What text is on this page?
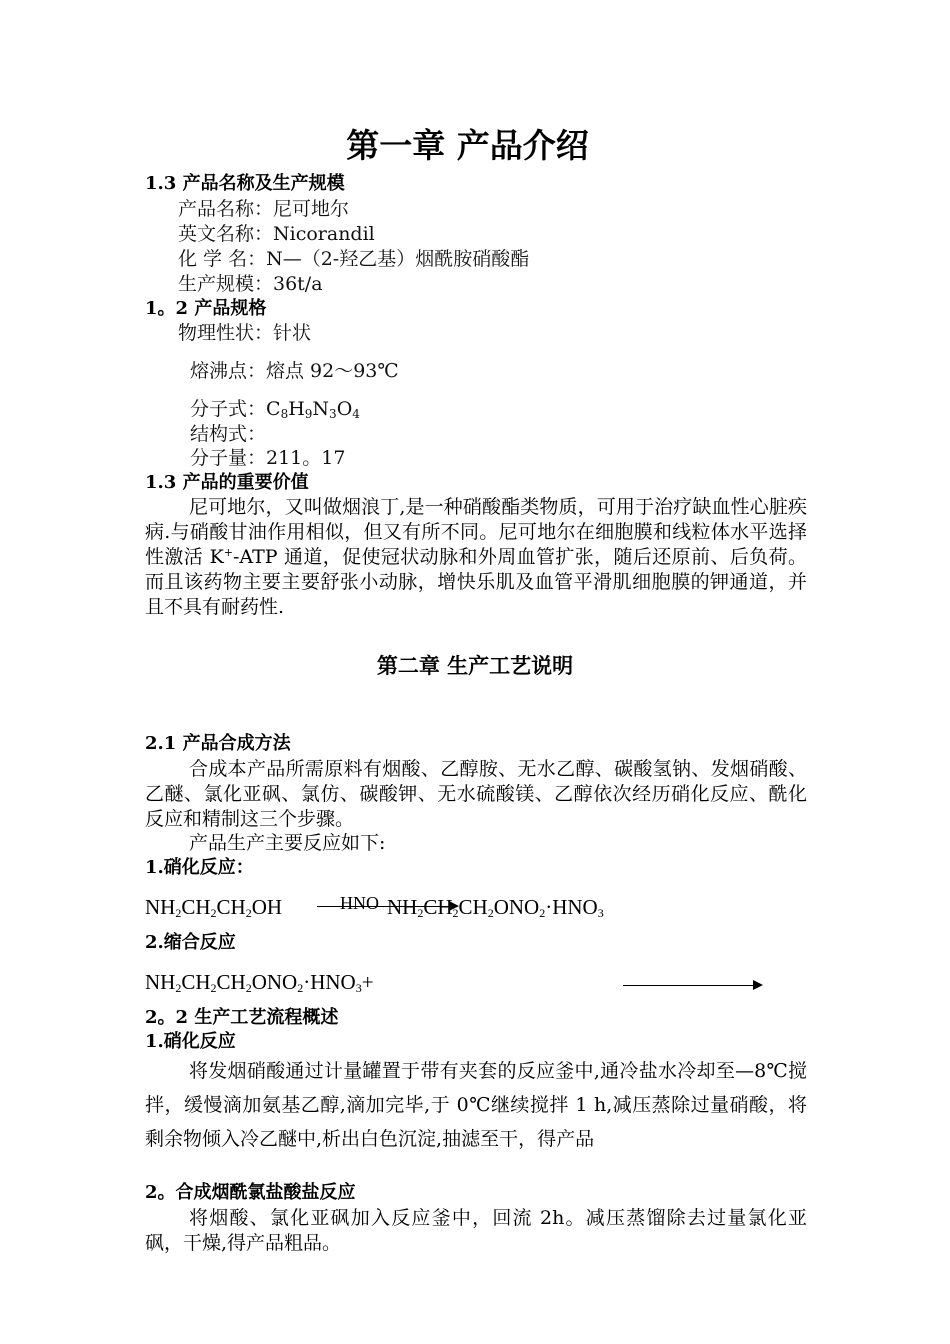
第一章 产品介绍
1.3 产品名称及生产规模
产品名称：尼可地尔
英文名称：Nicorandil
化 学 名：N—（2-羟乙基）烟酰胺硝酸酯
生产规模：36t/a
1。2 产品规格
物理性状：针状
熔沸点：熔点 92～93℃
分子式：$C_8H_9N_3O_4$
结构式：
分子量：211。17
1.3 产品的重要价值
尼可地尔，又叫做烟浪丁,是一种硝酸酯类物质，可用于治疗缺血性心脏疾病.与硝酸甘油作用相似，但又有所不同。尼可地尔在细胞膜和线粒体水平选择性激活 K+-ATP 通道，促使冠状动脉和外周血管扩张，随后还原前、后负荷。而且该药物主要主要舒张小动脉，增快乐肌及血管平滑肌细胞膜的钾通道，并且不具有耐药性.
第二章 生产工艺说明
2.1 产品合成方法
合成本产品所需原料有烟酸、乙醇胺、无水乙醇、碳酸氢钠、发烟硝酸、乙醚、氯化亚砜、氯仿、碳酸钾、无水硫酸镁、乙醇依次经历硝化反应、酰化反应和精制这三个步骤。
产品生产主要反应如下:
1.硝化反应：
$NH_2CH_2CH_2OH$	HNO $NH_2CH_2CH_2ONO_2\cdot HNO_3$
2.缩合反应
$NH_2CH_2CH_2ONO_2\cdot HNO_3+$
2。2 生产工艺流程概述
1.硝化反应
将发烟硝酸通过计量罐置于带有夹套的反应釜中,通冷盐水冷却至—8℃搅拌，缓慢滴加氨基乙醇,滴加完毕,于 0℃继续搅拌 1 h,减压蒸除过量硝酸，将剩余物倾入冷乙醚中,析出白色沉淀,抽滤至干，得产品
2。合成烟酰氯盐酸盐反应
将烟酸、氯化亚砜加入反应釜中，回流 2h。减压蒸馏除去过量氯化亚砜，干燥,得产品粗品。
